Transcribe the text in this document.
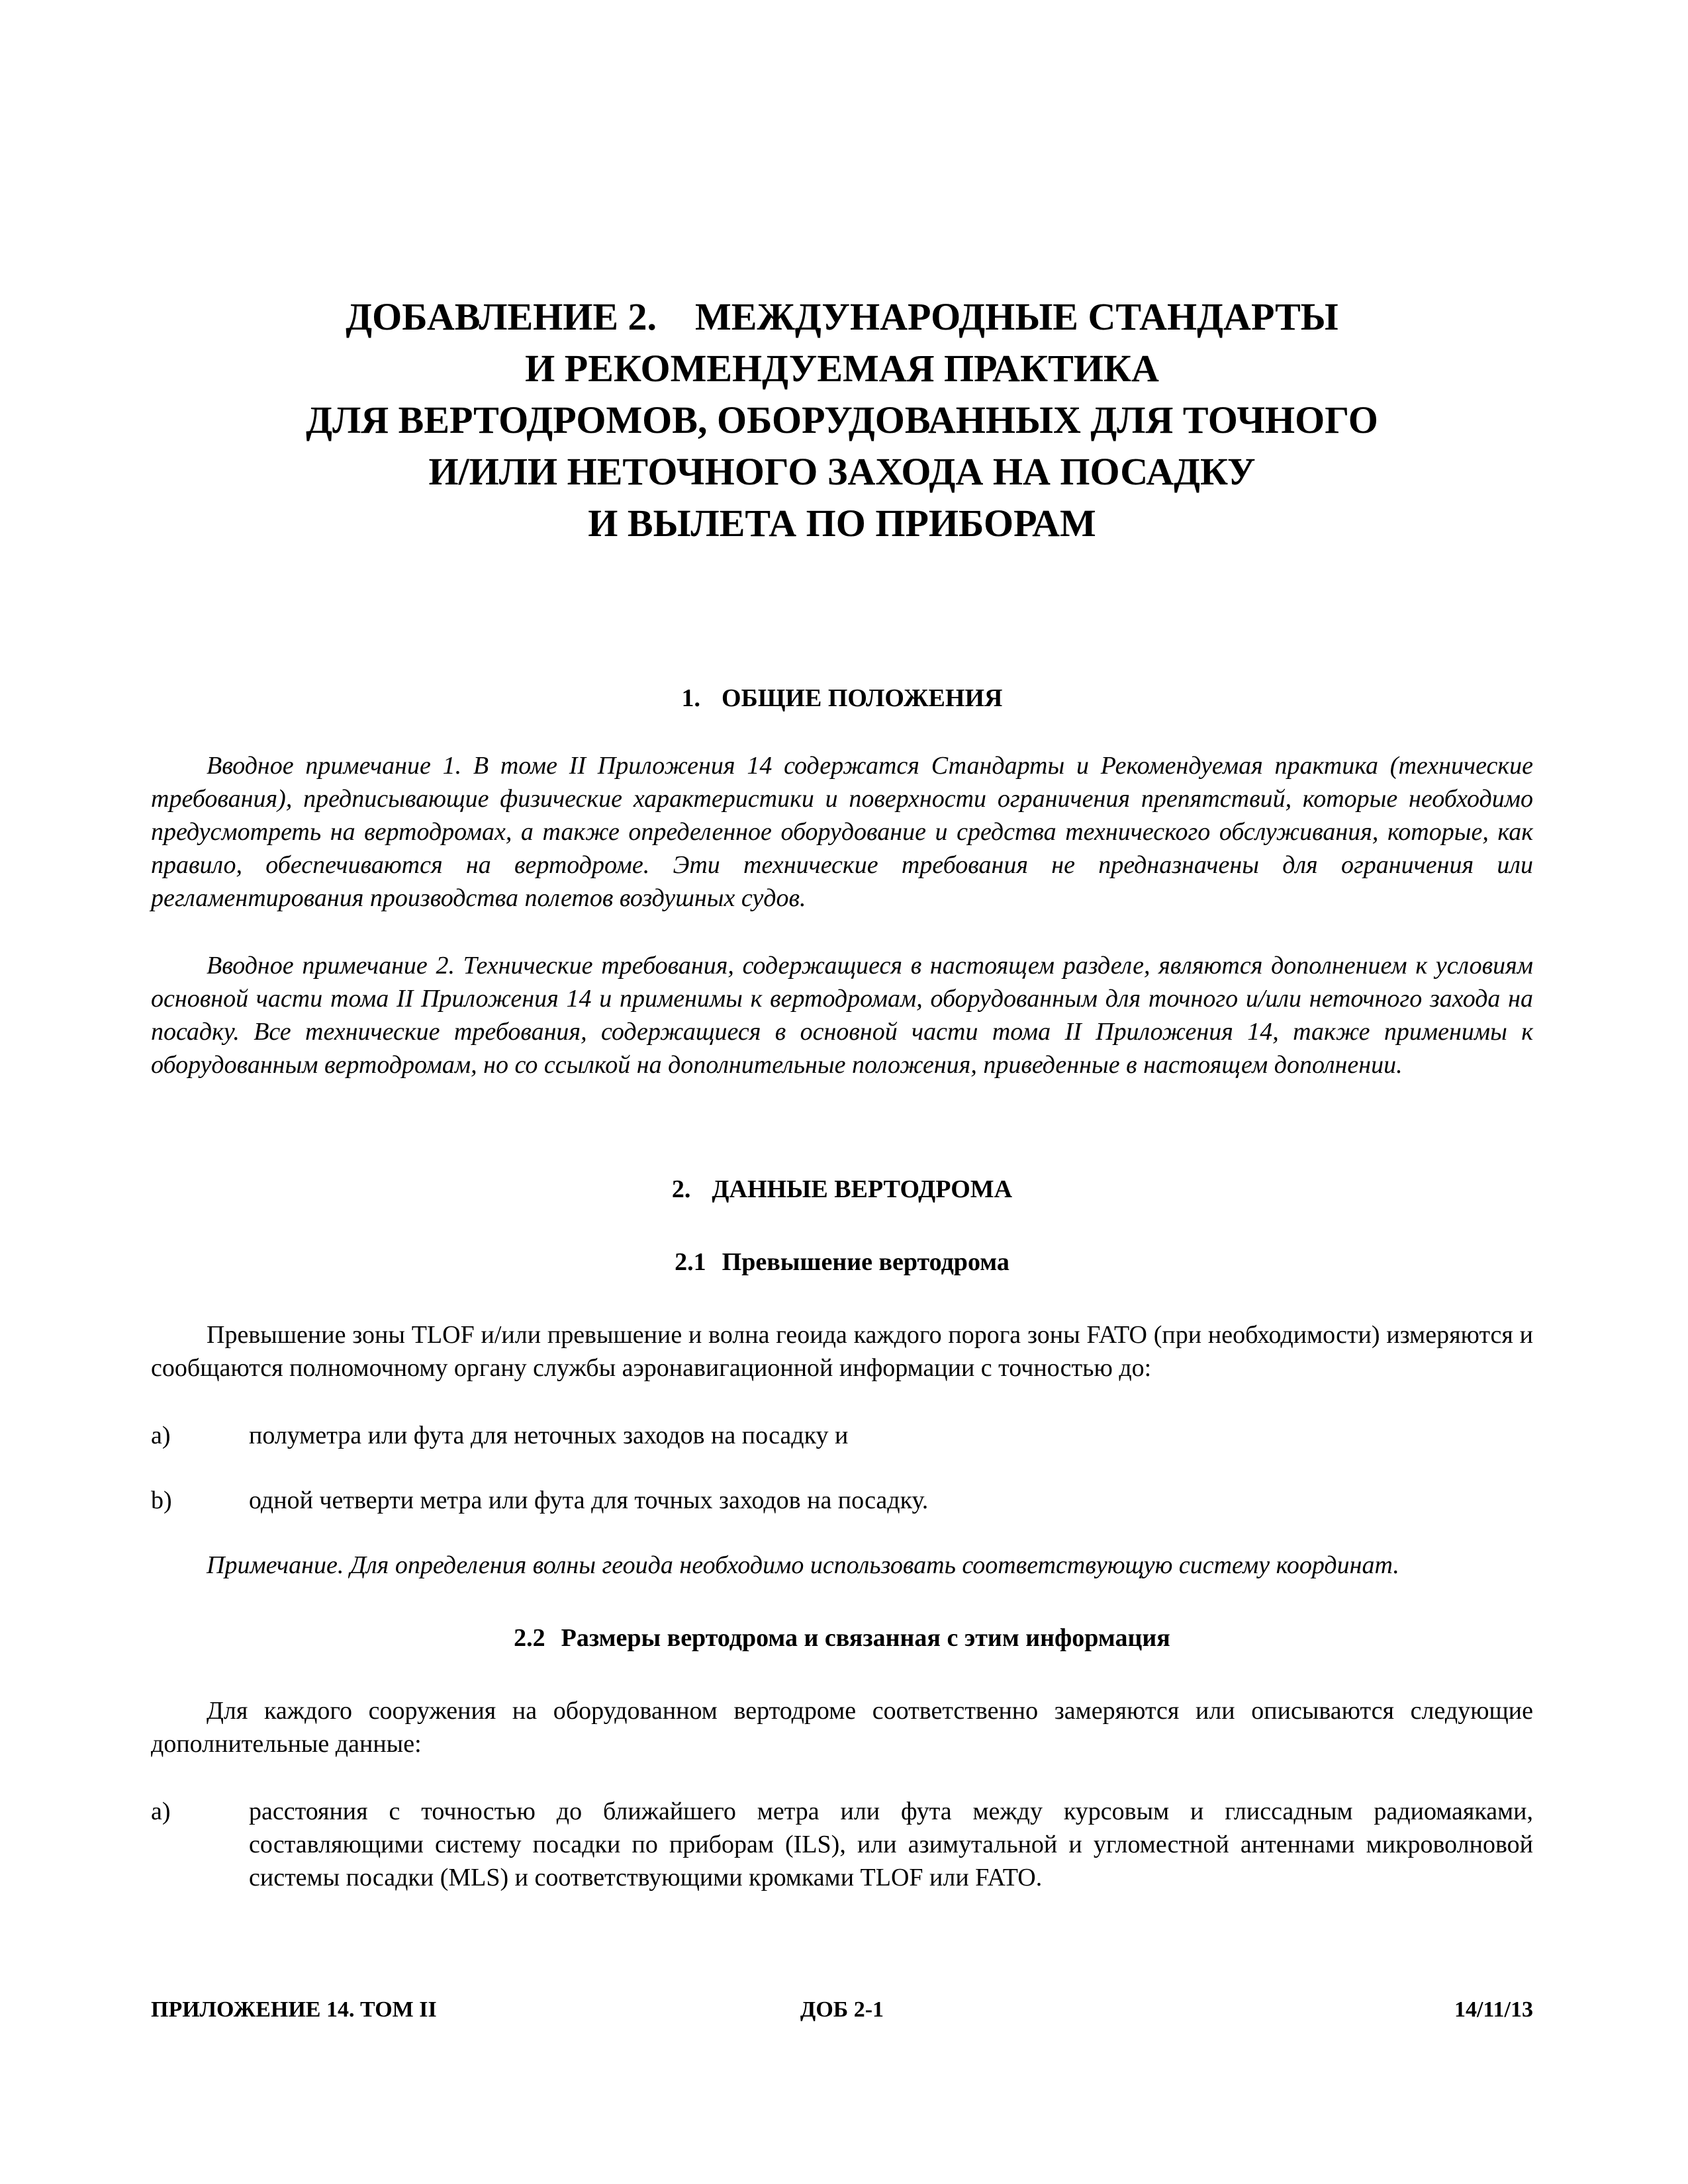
ДОБАВЛЕНИЕ 2.    МЕЖДУНАРОДНЫЕ СТАНДАРТЫ
И РЕКОМЕНДУЕМАЯ ПРАКТИКА
ДЛЯ ВЕРТОДРОМОВ, ОБОРУДОВАННЫХ ДЛЯ ТОЧНОГО
И/ИЛИ НЕТОЧНОГО ЗАХОДА НА ПОСАДКУ
И ВЫЛЕТА ПО ПРИБОРАМ
1. ОБЩИЕ ПОЛОЖЕНИЯ

Вводное примечание 1. В томе II Приложения 14 содержатся Стандарты и Рекомендуемая практика (технические требования), предписывающие физические характеристики и поверхности ограничения препятствий, которые необходимо предусмотреть на вертодромах, а также определенное оборудование и средства технического обслуживания, которые, как правило, обеспечиваются на вертодроме. Эти технические требования не предназначены для ограничения или регламентирования производства полетов воздушных судов.

Вводное примечание 2. Технические требования, содержащиеся в настоящем разделе, являются дополнением к условиям основной части тома II Приложения 14 и применимы к вертодромам, оборудованным для точного и/или неточного захода на посадку. Все технические требования, содержащиеся в основной части тома II Приложения 14, также применимы к оборудованным вертодромам, но со ссылкой на дополнительные положения, приведенные в настоящем дополнении.

2. ДАННЫЕ ВЕРТОДРОМА
2.1 Превышение вертодрома

Превышение зоны TLOF и/или превышение и волна геоида каждого порога зоны FATO (при необходимости) измеряются и сообщаются полномочному органу службы аэронавигационной информации с точностью до:

a)	полуметра или фута для неточных заходов на посадку и
b)	одной четверти метра или фута для точных заходов на посадку.

Примечание. Для определения волны геоида необходимо использовать соответствующую систему координат.

2.2 Размеры вертодрома и связанная с этим информация

Для каждого сооружения на оборудованном вертодроме соответственно замеряются или описываются следующие дополнительные данные:

a)	расстояния с точностью до ближайшего метра или фута между курсовым и глиссадным радиомаяками, составляющими систему посадки по приборам (ILS), или азимутальной и угломестной антеннами микроволновой системы посадки (MLS) и соответствующими кромками TLOF или FATO.
ПРИЛОЖЕНИЕ 14. ТОМ II	ДОБ 2-1	14/11/13
